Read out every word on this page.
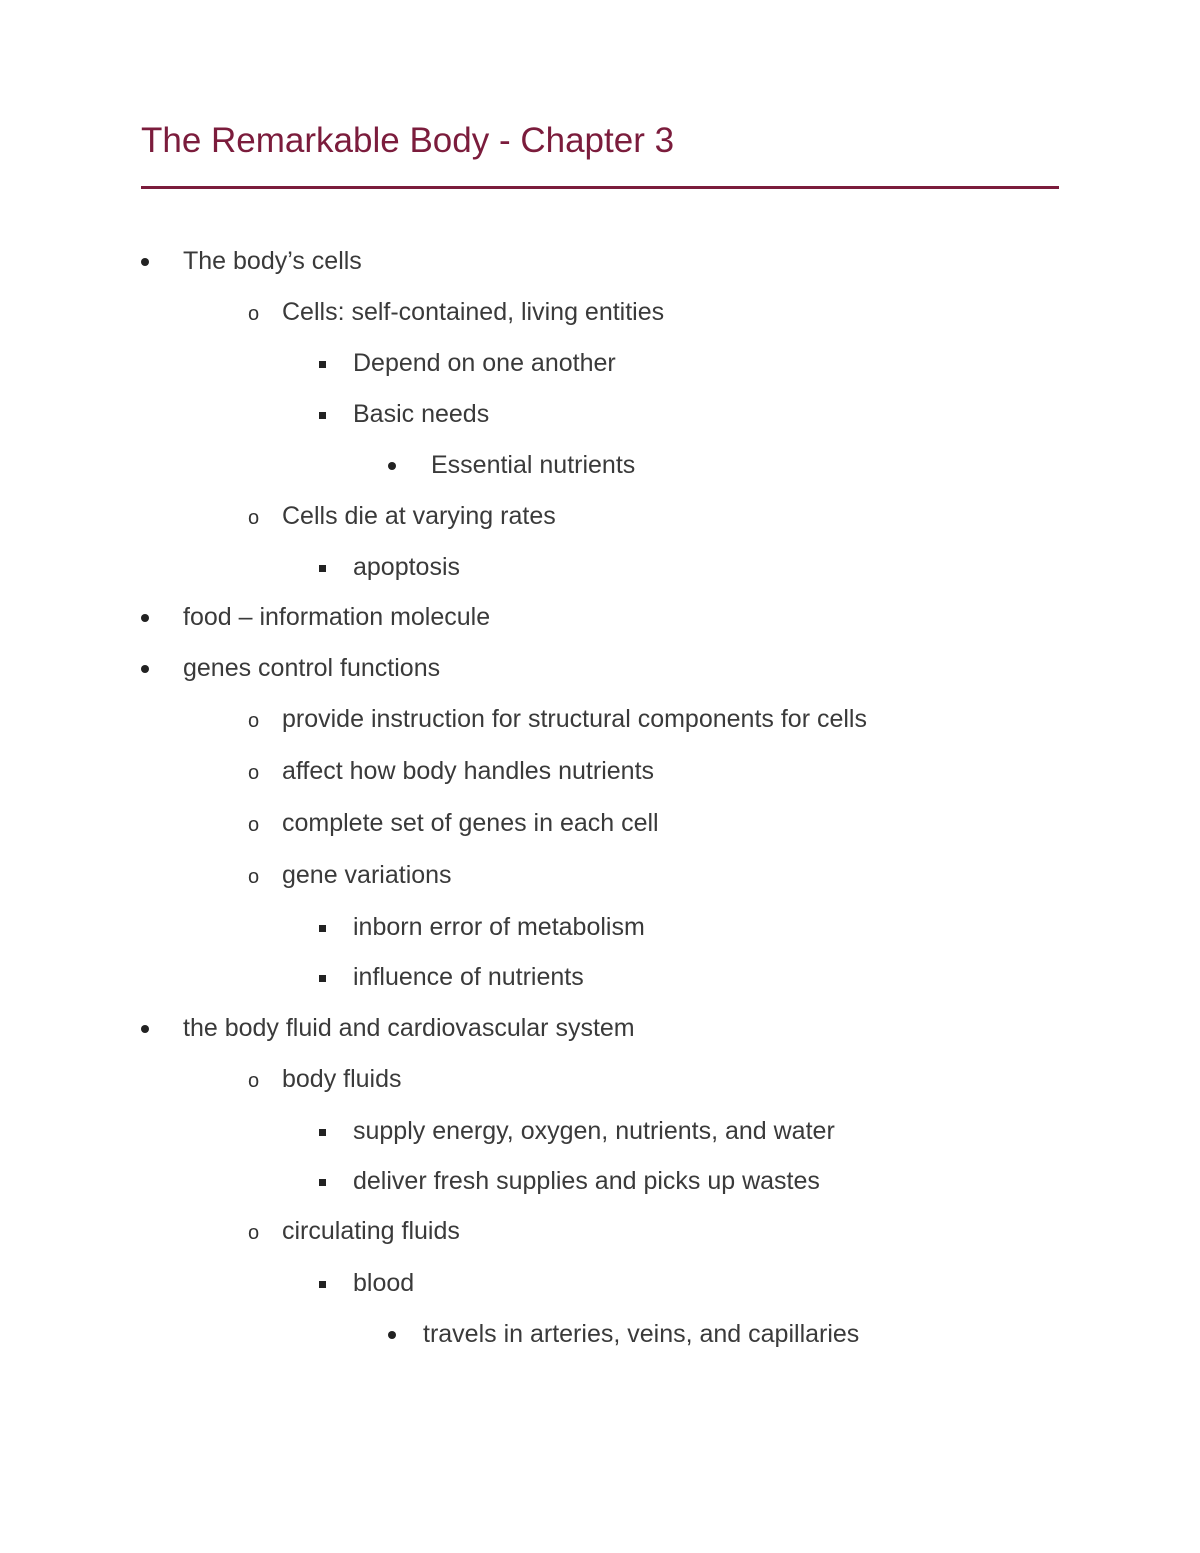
The Remarkable Body - Chapter 3
The body’s cells
o Cells: self-contained, living entities
Depend on one another
Basic needs
Essential nutrients
o Cells die at varying rates
apoptosis
food – information molecule
genes control functions
o provide instruction for structural components for cells
o affect how body handles nutrients
o complete set of genes in each cell
o gene variations
inborn error of metabolism
influence of nutrients
the body fluid and cardiovascular system
o body fluids
supply energy, oxygen, nutrients, and water
deliver fresh supplies and picks up wastes
o circulating fluids
blood
travels in arteries, veins, and capillaries
